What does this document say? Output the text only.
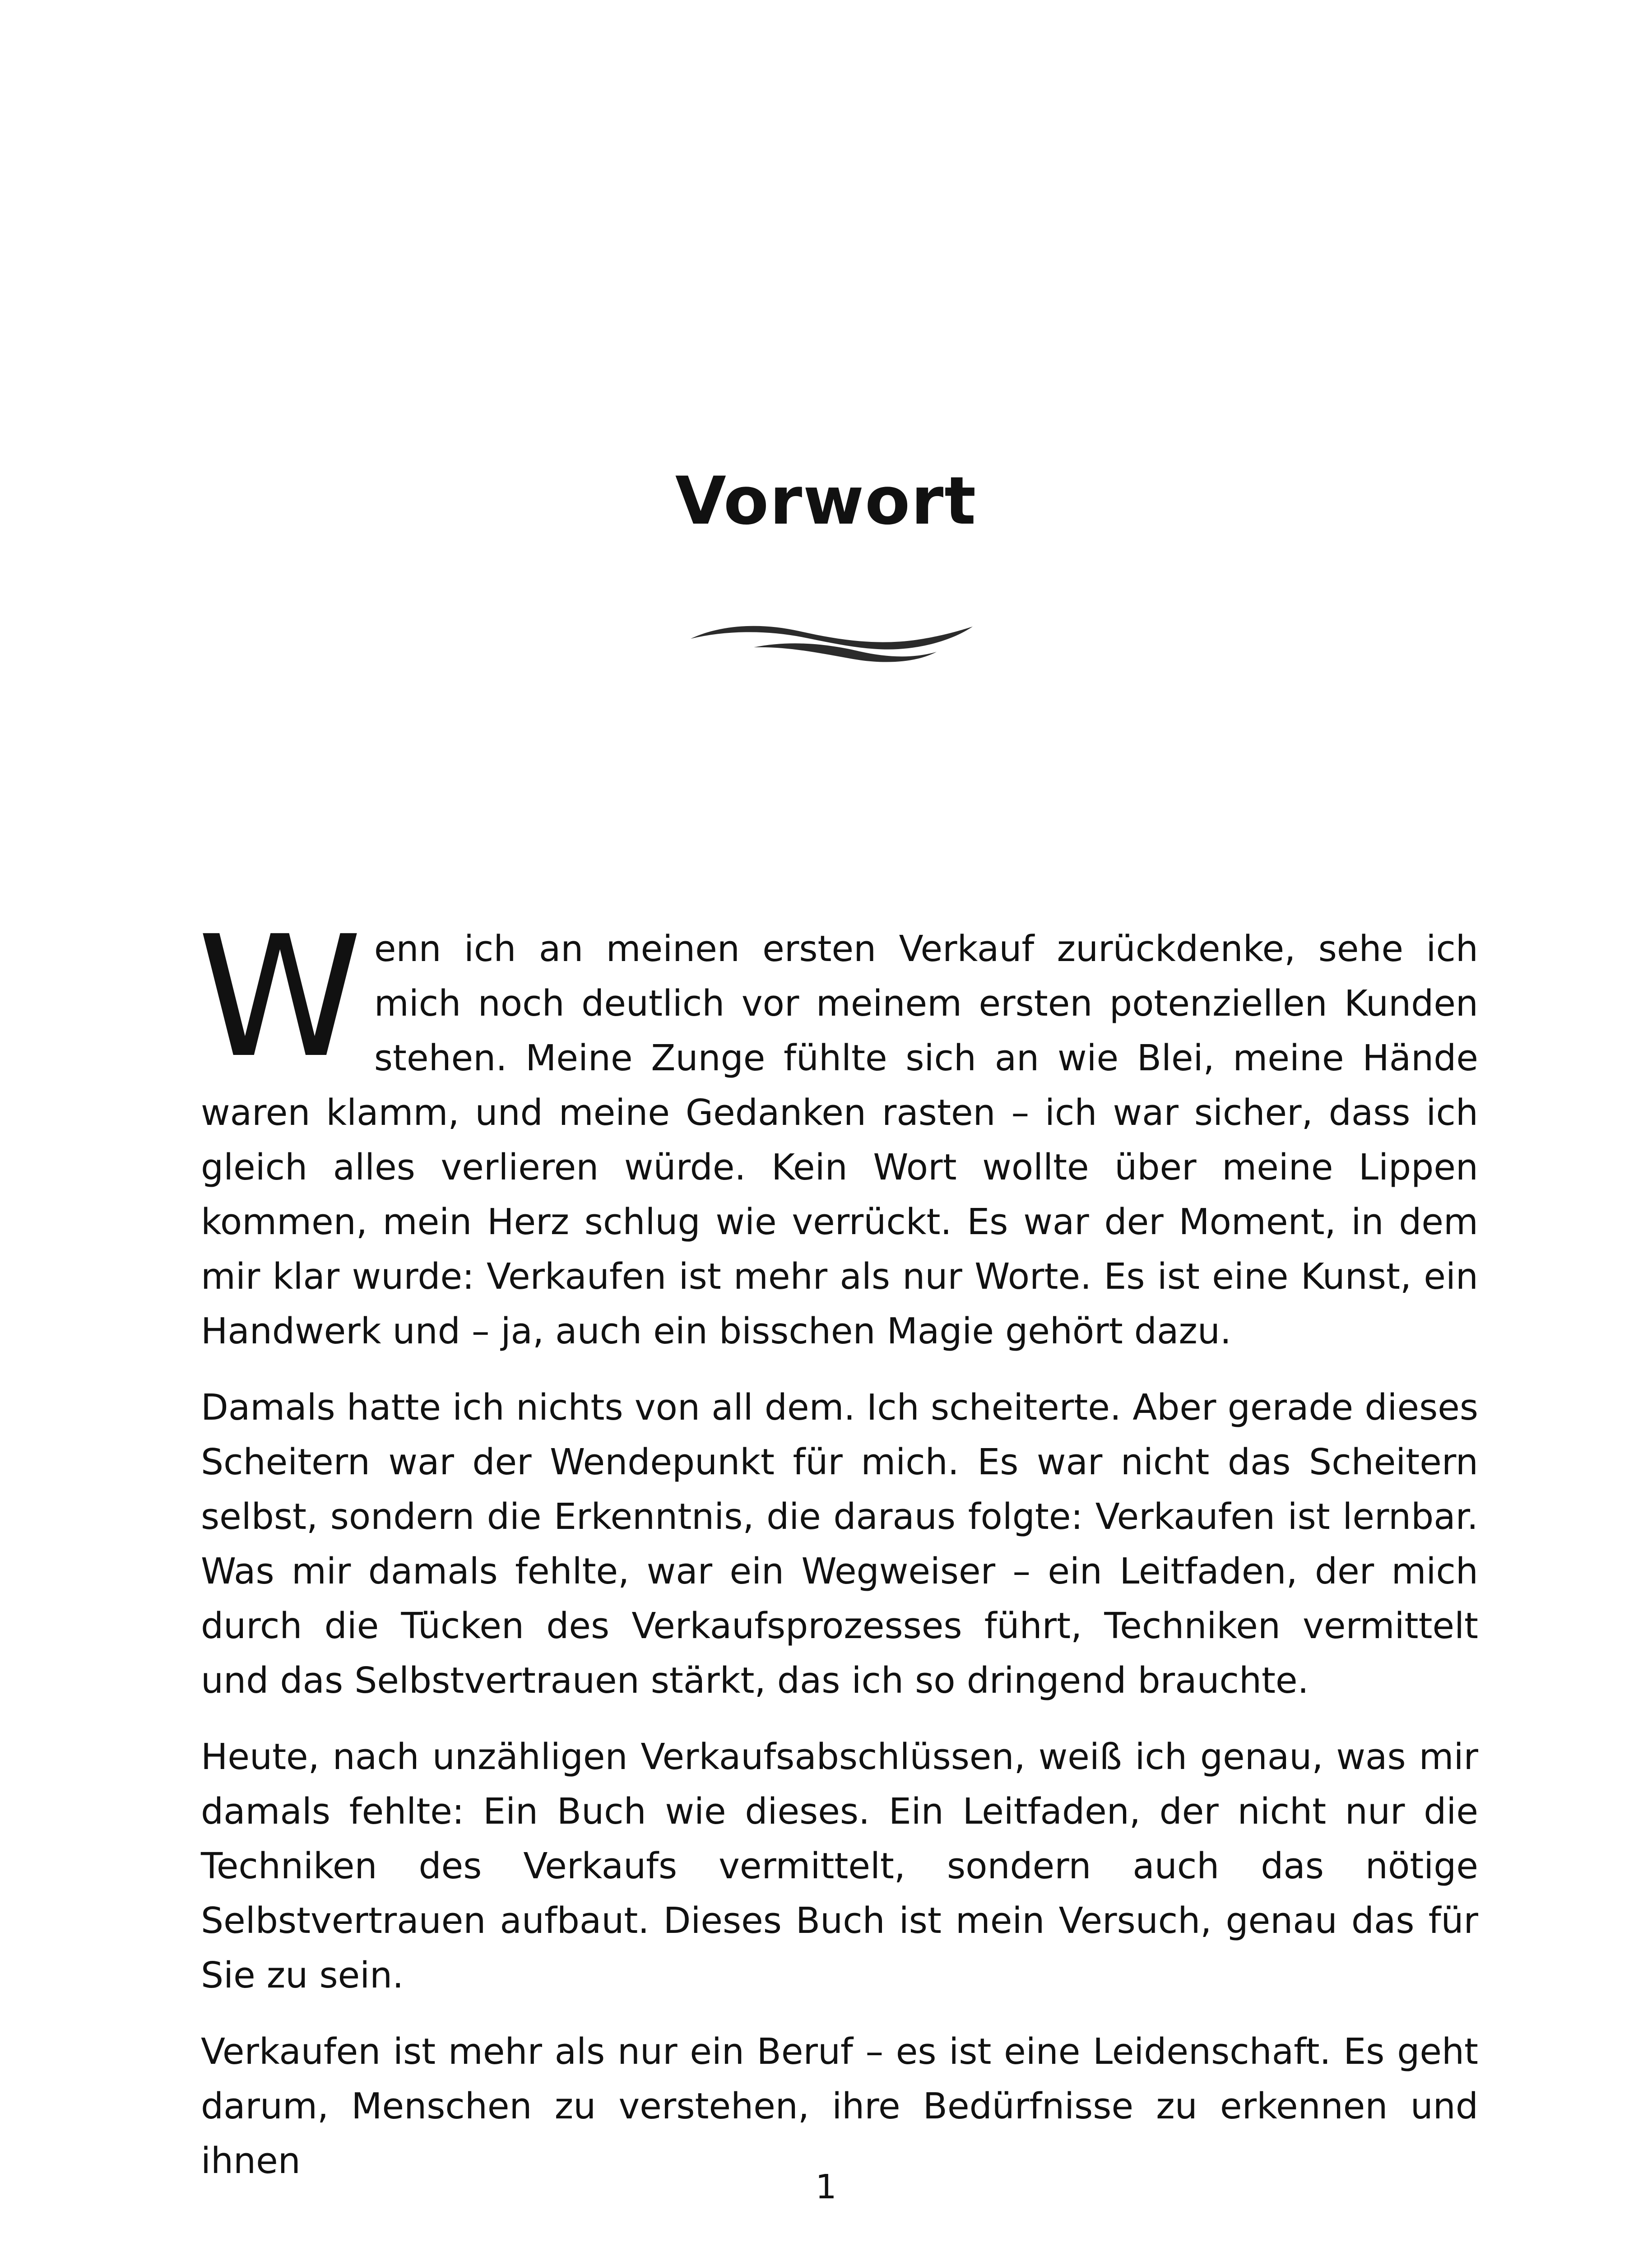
Vorwort

Wenn ich an meinen ersten Verkauf zurückdenke, sehe ich mich noch deutlich vor meinem ersten potenziellen Kunden stehen. Meine Zunge fühlte sich an wie Blei, meine Hände waren klamm, und meine Gedanken rasten – ich war sicher, dass ich gleich alles verlieren würde. Kein Wort wollte über meine Lippen kommen, mein Herz schlug wie verrückt. Es war der Moment, in dem mir klar wurde: Verkaufen ist mehr als nur Worte. Es ist eine Kunst, ein Handwerk und – ja, auch ein bisschen Magie gehört dazu.

Damals hatte ich nichts von all dem. Ich scheiterte. Aber gerade dieses Scheitern war der Wendepunkt für mich. Es war nicht das Scheitern selbst, sondern die Erkenntnis, die daraus folgte: Verkaufen ist lernbar. Was mir damals fehlte, war ein Wegweiser – ein Leitfaden, der mich durch die Tücken des Verkaufsprozesses führt, Techniken vermittelt und das Selbstvertrauen stärkt, das ich so dringend brauchte.

Heute, nach unzähligen Verkaufsabschlüssen, weiß ich genau, was mir damals fehlte: Ein Buch wie dieses. Ein Leitfaden, der nicht nur die Techniken des Verkaufs vermittelt, sondern auch das nötige Selbstvertrauen aufbaut. Dieses Buch ist mein Versuch, genau das für Sie zu sein.

Verkaufen ist mehr als nur ein Beruf – es ist eine Leidenschaft. Es geht darum, Menschen zu verstehen, ihre Bedürfnisse zu erkennen und ihnen

1
